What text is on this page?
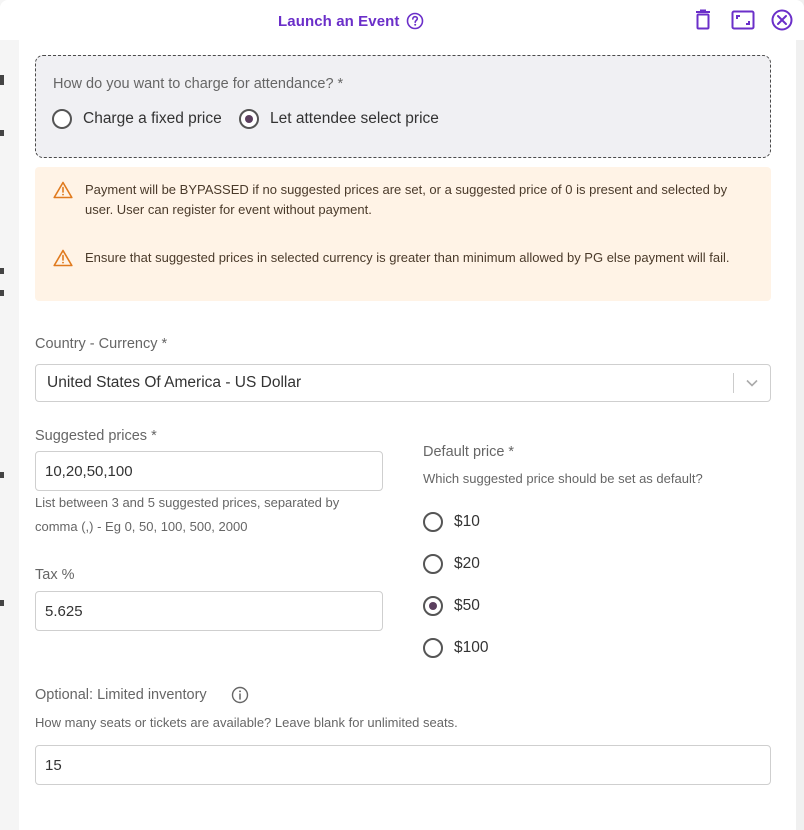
Launch an Event
How do you want to charge for attendance? *
Charge a fixed price	Let attendee select price
Payment will be BYPASSED if no suggested prices are set, or a suggested price of 0 is present and selected by user. User can register for event without payment.
Ensure that suggested prices in selected currency is greater than minimum allowed by PG else payment will fail.
Country - Currency *
United States Of America - US Dollar
Suggested prices *
10,20,50,100
List between 3 and 5 suggested prices, separated by comma (,) - Eg 0, 50, 100, 500, 2000
Tax %
5.625
Default price *
Which suggested price should be set as default?
$10
$20
$50
$100
Optional: Limited inventory
How many seats or tickets are available? Leave blank for unlimited seats.
15
